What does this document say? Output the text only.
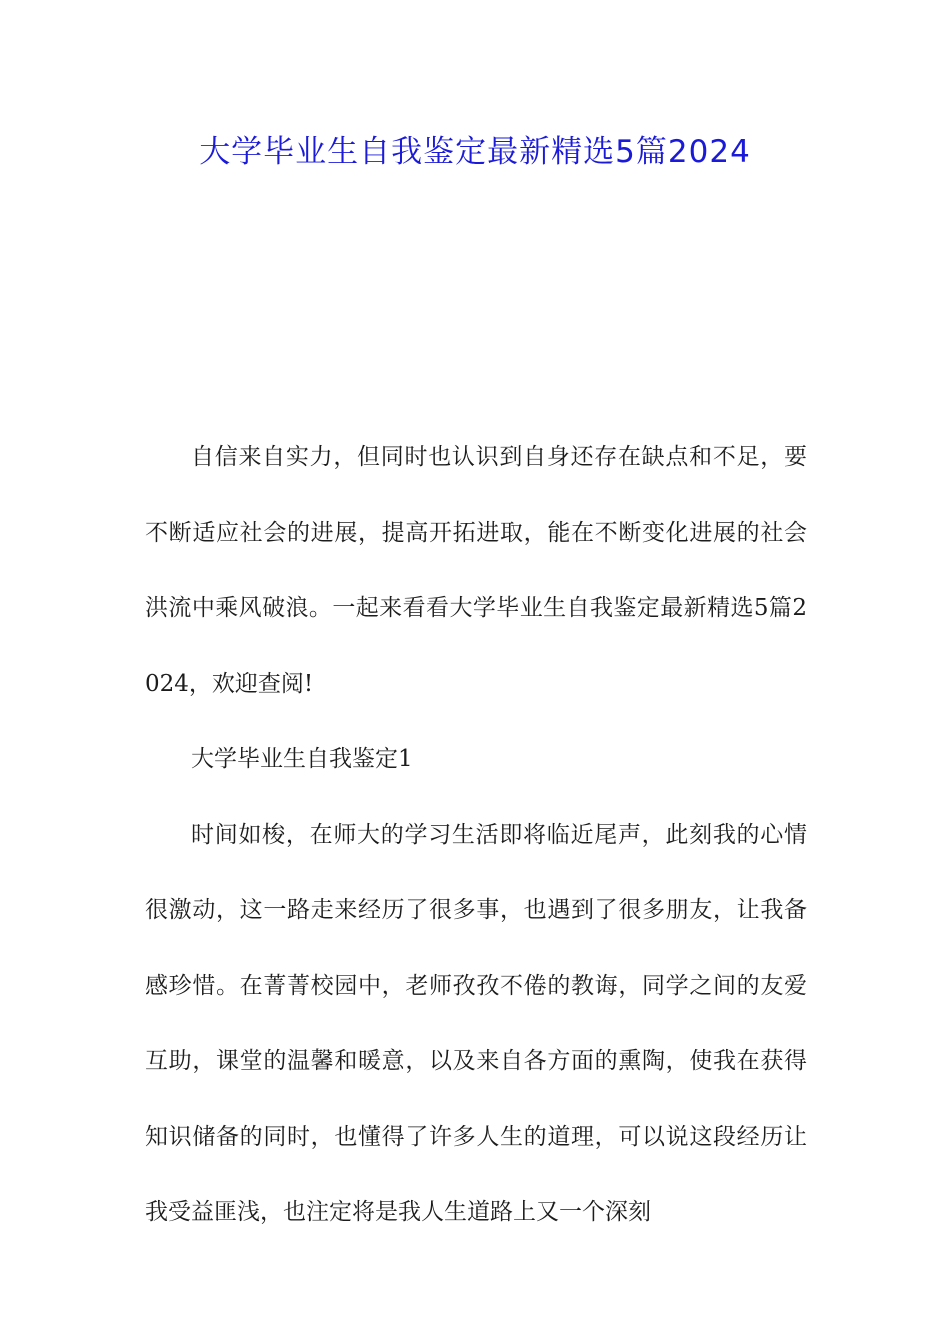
大学毕业生自我鉴定最新精选5篇2024

自信来自实力，但同时也认识到自身还存在缺点和不足，要不断适应社会的进展，提高开拓进取，能在不断变化进展的社会洪流中乘风破浪。一起来看看大学毕业生自我鉴定最新精选5篇2024，欢迎查阅!

大学毕业生自我鉴定1

时间如梭，在师大的学习生活即将临近尾声，此刻我的心情很激动，这一路走来经历了很多事，也遇到了很多朋友，让我备感珍惜。在菁菁校园中，老师孜孜不倦的教诲，同学之间的友爱互助，课堂的温馨和暖意，以及来自各方面的熏陶，使我在获得知识储备的同时，也懂得了许多人生的道理，可以说这段经历让我受益匪浅，也注定将是我人生道路上又一个深刻
